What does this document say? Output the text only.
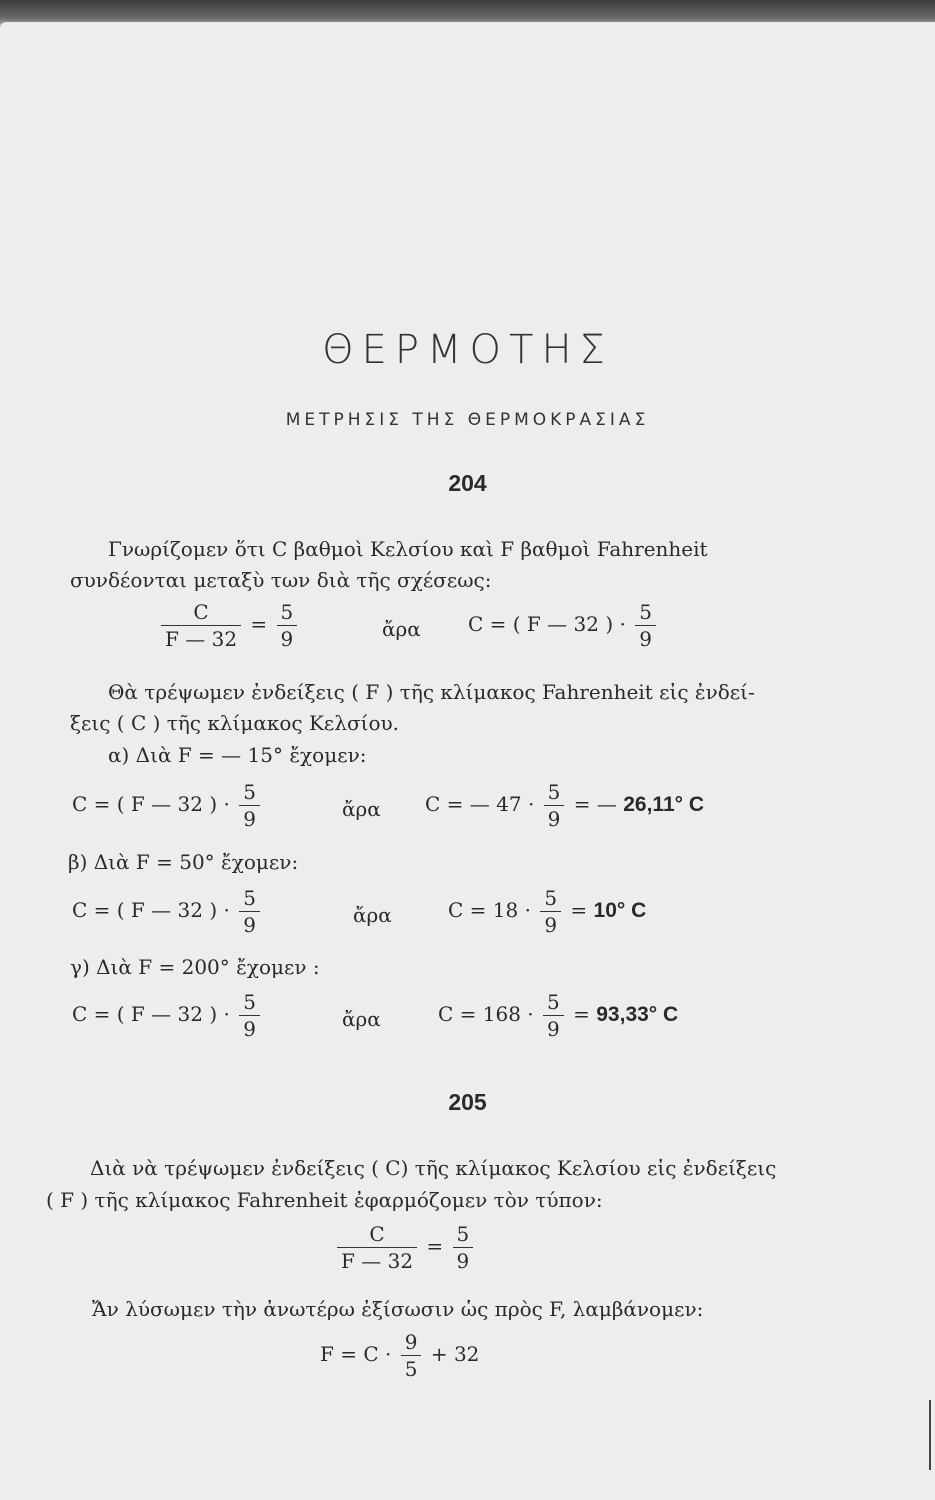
ΘΕΡΜΟΤΗΣ
ΜΕΤΡΗΣΙΣ ΤΗΣ ΘΕΡΜΟΚΡΑΣΙΑΣ
204
Γνωρίζομεν ὅτι C βαθμοὶ Κελσίου καὶ F βαθμοὶ Fahrenheit
συνδέονται μεταξὺ των διὰ τῆς σχέσεως:
$\frac{C}{F — 32} = \frac{5}{9}$	ἄρα C = ( F — 32 ) · $\frac{5}{9}$
Θὰ τρέψωμεν ἐνδείξεις ( F ) τῆς κλίμακος Fahrenheit εἰς ἐνδεί-
ξεις ( C ) τῆς κλίμακος Κελσίου.
α) Διὰ F = — 15° ἔχομεν:
C = ( F — 32 ) · $\frac{5}{9}$	ἄρα C = — $47 \cdot \frac{5}{9}$ = — 26,11° C
β) Διὰ F = 50° ἔχομεν:
C = ( F — 32 ) · $\frac{5}{9}$	ἄρα	$C = 18 \cdot \frac{5}{9} = 10^\circ$ C
γ) Διὰ F = 200° ἔχομεν :
C = ( F — 32 ) · $\frac{5}{9}$	ἄρα	$C = 168 \cdot \frac{5}{9} = 93,33^\circ$ C
205
Διὰ νὰ τρέψωμεν ἐνδείξεις ( C) τῆς κλίμακος Κελσίου εἰς ἐνδείξεις
( F ) τῆς κλίμακος Fahrenheit ἐφαρμόζομεν τὸν τύπον:
$\frac{C}{F — 32} = \frac{5}{9}$
Ἄν λύσωμεν τὴν ἀνωτέρω ἐξίσωσιν ὡς πρὸς F, λαμβάνομεν:
$F = C \cdot \frac{9}{5} + 32$
